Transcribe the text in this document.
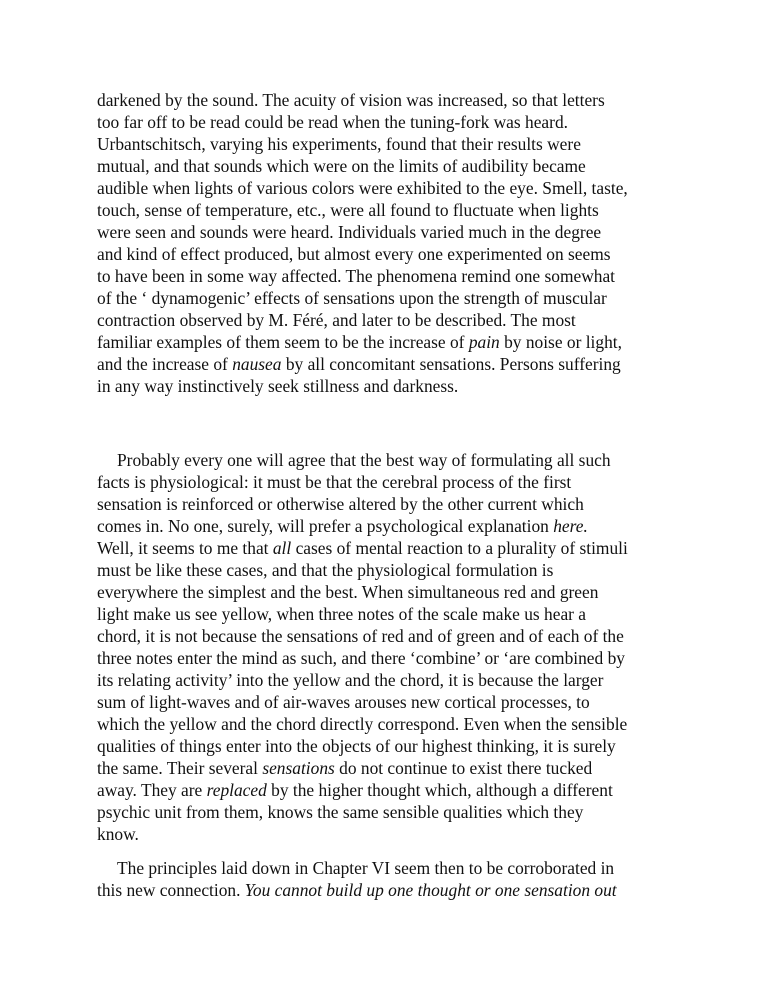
darkened by the sound. The acuity of vision was increased, so that letters
too far off to be read could be read when the tuning-fork was heard.
Urbantschitsch, varying his experiments, found that their results were
mutual, and that sounds which were on the limits of audibility became
audible when lights of various colors were exhibited to the eye. Smell, taste,
touch, sense of temperature, etc., were all found to fluctuate when lights
were seen and sounds were heard. Individuals varied much in the degree
and kind of effect produced, but almost every one experimented on seems
to have been in some way affected. The phenomena remind one somewhat
of the ‘ dynamogenic’ effects of sensations upon the strength of muscular
contraction observed by M. Féré, and later to be described. The most
familiar examples of them seem to be the increase of pain by noise or light,
and the increase of nausea by all concomitant sensations. Persons suffering
in any way instinctively seek stillness and darkness.
Probably every one will agree that the best way of formulating all such
facts is physiological: it must be that the cerebral process of the first
sensation is reinforced or otherwise altered by the other current which
comes in. No one, surely, will prefer a psychological explanation here.
Well, it seems to me that all cases of mental reaction to a plurality of stimuli
must be like these cases, and that the physiological formulation is
everywhere the simplest and the best. When simultaneous red and green
light make us see yellow, when three notes of the scale make us hear a
chord, it is not because the sensations of red and of green and of each of the
three notes enter the mind as such, and there ‘combine’ or ‘are combined by
its relating activity’ into the yellow and the chord, it is because the larger
sum of light-waves and of air-waves arouses new cortical processes, to
which the yellow and the chord directly correspond. Even when the sensible
qualities of things enter into the objects of our highest thinking, it is surely
the same. Their several sensations do not continue to exist there tucked
away. They are replaced by the higher thought which, although a different
psychic unit from them, knows the same sensible qualities which they
know.
The principles laid down in Chapter VI seem then to be corroborated in
this new connection. You cannot build up one thought or one sensation out
